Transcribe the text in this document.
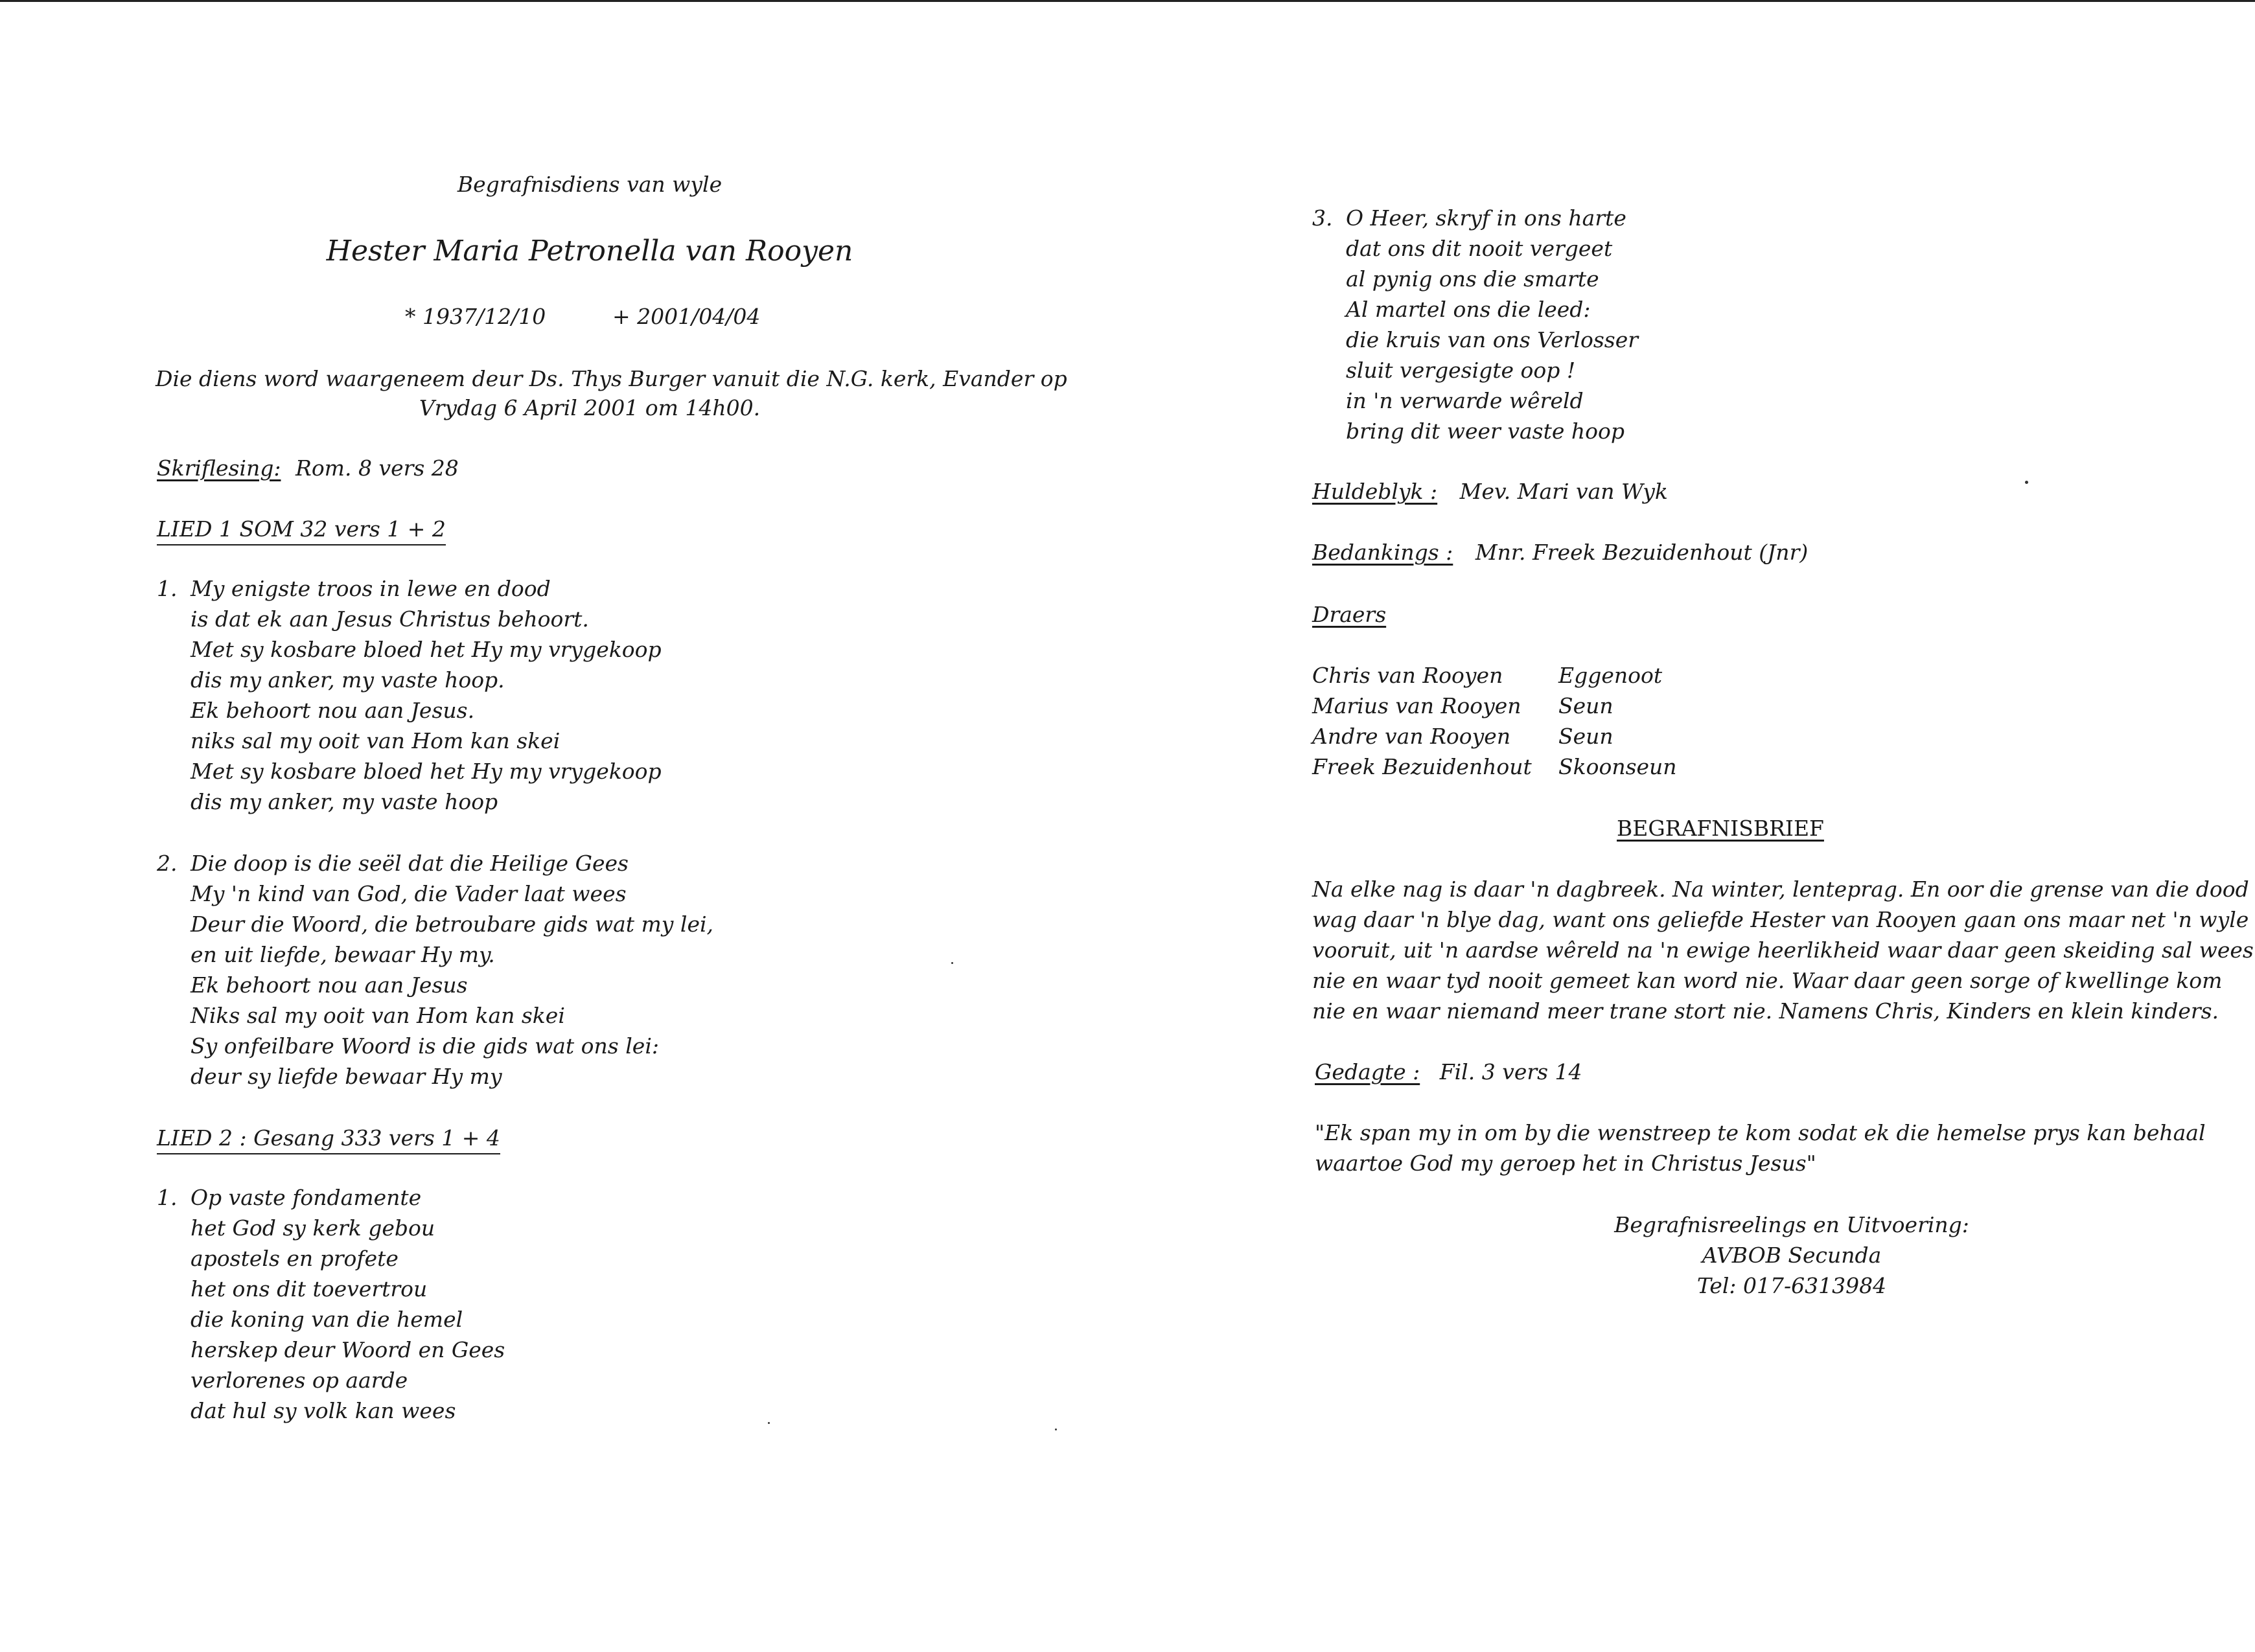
Begrafnisdiens van wyle
Hester Maria Petronella van Rooyen
* 1937/12/10	+ 2001/04/04
Die diens word waargeneem deur Ds. Thys Burger vanuit die N.G. kerk, Evander op
Vrydag 6 April 2001 om 14h00.
Skriflesing: Rom. 8 vers 28
LIED 1 SOM 32 vers 1 + 2
1. My enigste troos in lewe en dood
is dat ek aan Jesus Christus behoort.
Met sy kosbare bloed het Hy my vrygekoop
dis my anker, my vaste hoop.
Ek behoort nou aan Jesus.
niks sal my ooit van Hom kan skei
Met sy kosbare bloed het Hy my vrygekoop
dis my anker, my vaste hoop
2. Die doop is die seël dat die Heilige Gees
My 'n kind van God, die Vader laat wees
Deur die Woord, die betroubare gids wat my lei,
en uit liefde, bewaar Hy my.
Ek behoort nou aan Jesus
Niks sal my ooit van Hom kan skei
Sy onfeilbare Woord is die gids wat ons lei:
deur sy liefde bewaar Hy my
LIED 2 : Gesang 333 vers 1 + 4
1. Op vaste fondamente
het God sy kerk gebou
apostels en profete
het ons dit toevertrou
die koning van die hemel
herskep deur Woord en Gees
verlorenes op aarde
dat hul sy volk kan wees
3. O Heer, skryf in ons harte
dat ons dit nooit vergeet
al pynig ons die smarte
Al martel ons die leed:
die kruis van ons Verlosser
sluit vergesigte oop !
in 'n verwarde wêreld
bring dit weer vaste hoop
Huldeblyk : Mev. Mari van Wyk
Bedankings : Mnr. Freek Bezuidenhout (Jnr)
Draers
Chris van Rooyen	Eggenoot
Marius van Rooyen Seun
Andre van Rooyen Seun
Freek Bezuidenhout Skoonseun
BEGRAFNISBRIEF
Na elke nag is daar 'n dagbreek. Na winter, lenteprag. En oor die grense van die dood
wag daar 'n blye dag, want ons geliefde Hester van Rooyen gaan ons maar net 'n wyle
vooruit, uit 'n aardse wêreld na 'n ewige heerlikheid waar daar geen skeiding sal wees
nie en waar tyd nooit gemeet kan word nie. Waar daar geen sorge of kwellinge kom
nie en waar niemand meer trane stort nie. Namens Chris, Kinders en klein kinders.
Gedagte : Fil. 3 vers 14
"Ek span my in om by die wenstreep te kom sodat ek die hemelse prys kan behaal
waartoe God my geroep het in Christus Jesus"
Begrafnisreelings en Uitvoering:
AVBOB Secunda
Tel: 017-6313984
